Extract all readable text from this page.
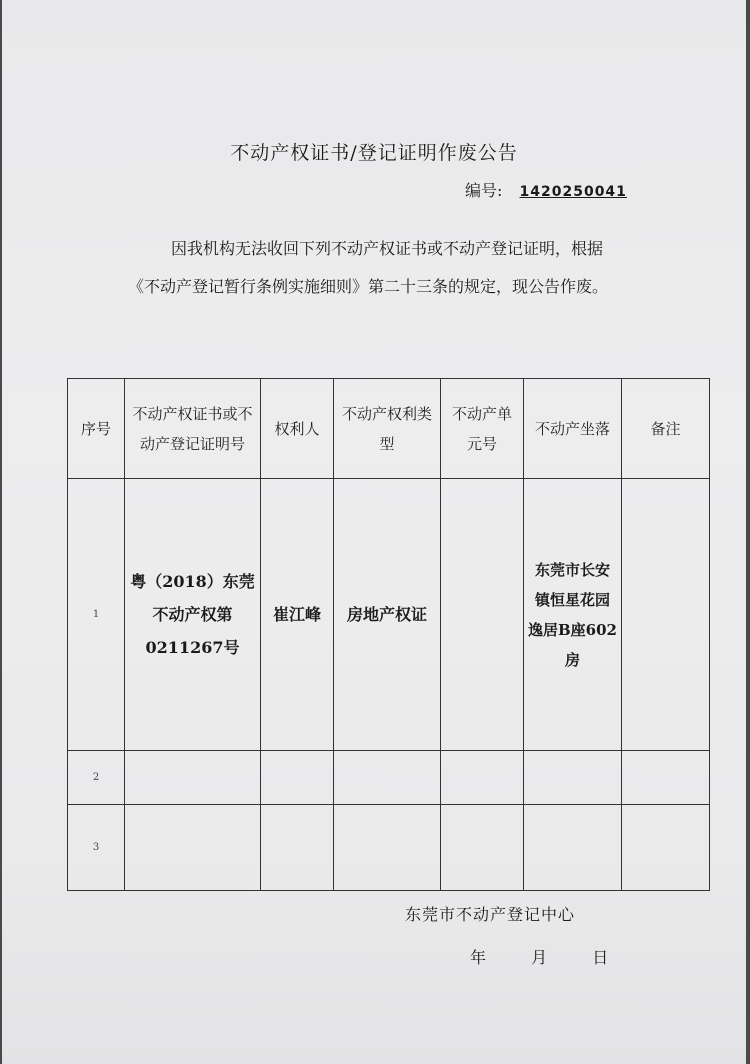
不动产权证书/登记证明作废公告
编号: 1420250041
因我机构无法收回下列不动产权证书或不动产登记证明，根据
《不动产登记暂行条例实施细则》第二十三条的规定，现公告作废。
序号	不动产权证书或不动产登记证明号	权利人	不动产权利类型	不动产单元号	不动产坐落	备注
1	粤（2018）东莞不动产权第0211267号	崔江峰	房地产权证		东莞市长安镇恒星花园逸居B座602房	
2						
3						
东莞市不动产登记中心
年	月	日
